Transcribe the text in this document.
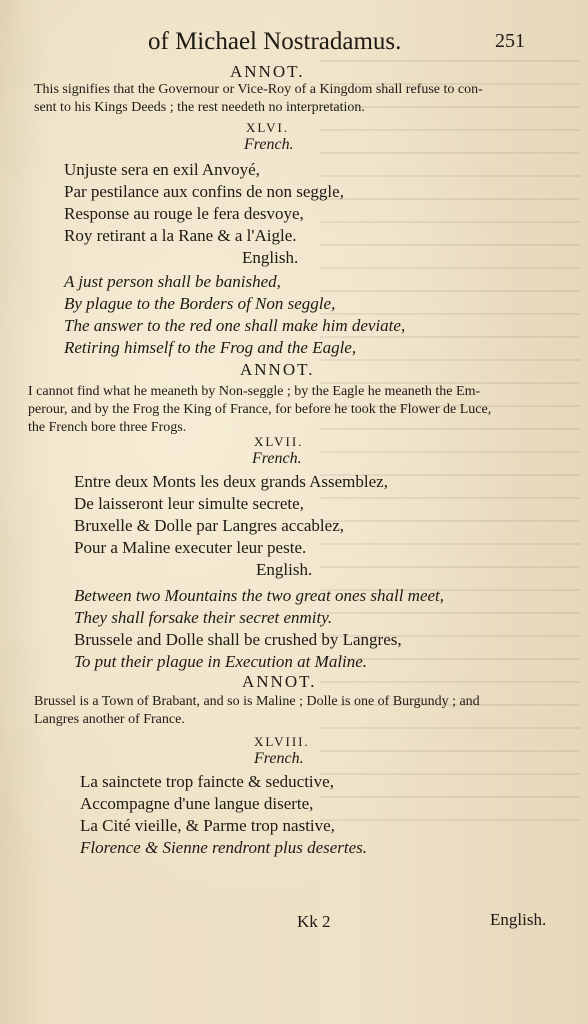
of Michael Nostradamus.	251
ANNOT.
This signifies that the Governour or Vice-Roy of a Kingdom shall refuse to con-
sent to his Kings Deeds ; the rest needeth no interpretation.
XLVI.
French.
Unjuste sera en exil Anvoyé,
Par pestilance aux confins de non seggle,
Response au rouge le fera desvoye,
Roy retirant a la Rane & a l'Aigle.
English.
A just person shall be banished,
By plague to the Borders of Non seggle,
The answer to the red one shall make him deviate,
Retiring himself to the Frog and the Eagle,
ANNOT.
I cannot find what he meaneth by Non-seggle ; by the Eagle he meaneth the Em-
perour, and by the Frog the King of France, for before he took the Flower de Luce,
the French bore three Frogs.
XLVII.
French.
Entre deux Monts les deux grands Assemblez,
De laisseront leur simulte secrete,
Bruxelle & Dolle par Langres accablez,
Pour a Maline executer leur peste.
English.
Between two Mountains the two great ones shall meet,
They shall forsake their secret enmity.
Brussele and Dolle shall be crushed by Langres,
To put their plague in Execution at Maline.
ANNOT.
Brussel is a Town of Brabant, and so is Maline ; Dolle is one of Burgundy ; and
Langres another of France.
XLVIII.
French.
La sainctete trop faincte & seductive,
Accompagne d'une langue diserte,
La Cité vieille, & Parme trop nastive,
Florence & Sienne rendront plus desertes.
Kk 2	English.
